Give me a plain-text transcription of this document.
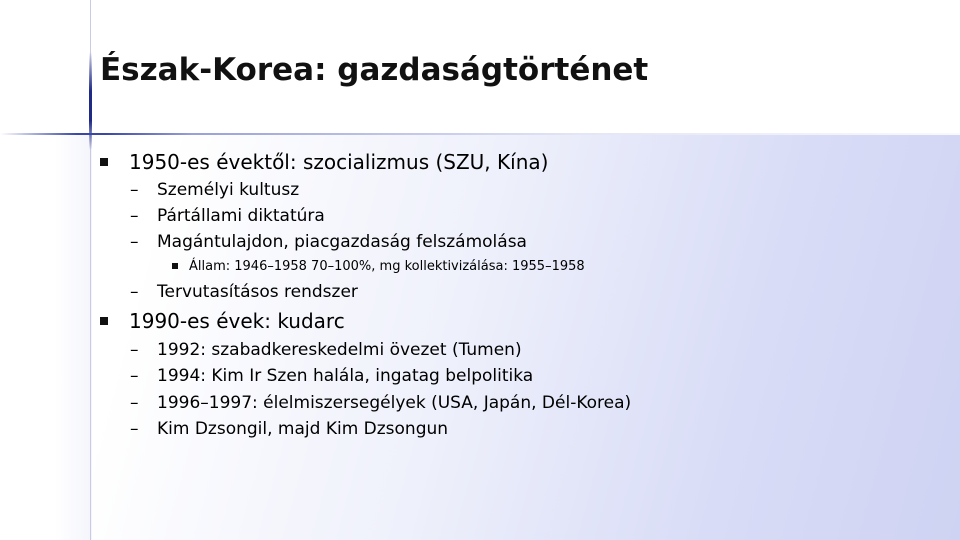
Észak-Korea: gazdaságtörténet
1950-es évektől: szocializmus (SZU, Kína)
– Személyi kultusz
– Pártállami diktatúra
– Magántulajdon, piacgazdaság felszámolása
Állam: 1946–1958 70–100%, mg kollektivizálása: 1955–1958
– Tervutasításos rendszer
1990-es évek: kudarc
– 1992: szabadkereskedelmi övezet (Tumen)
– 1994: Kim Ir Szen halála, ingatag belpolitika
– 1996–1997: élelmiszersegélyek (USA, Japán, Dél-Korea)
– Kim Dzsongil, majd Kim Dzsongun
